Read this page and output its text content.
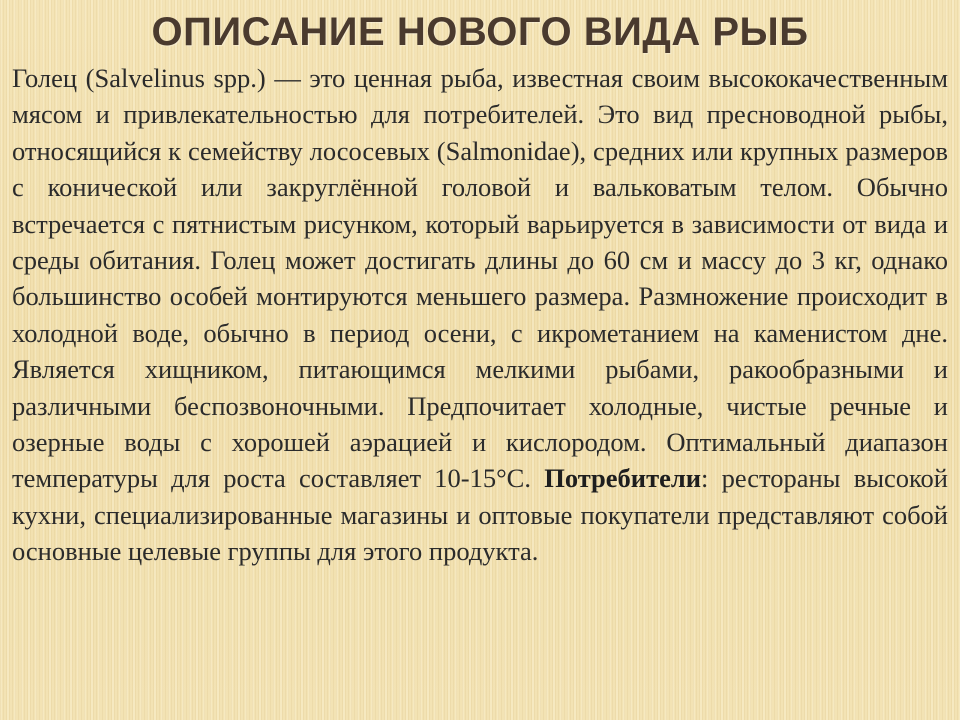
ОПИСАНИЕ НОВОГО ВИДА РЫБ

Голец (Salvelinus spp.) — это ценная рыба, известная своим высококачественным мясом и привлекательностью для потребителей. Это вид пресноводной рыбы, относящийся к семейству лососевых (Salmonidae), средних или крупных размеров с конической или закруглённой головой и вальковатым телом. Обычно встречается с пятнистым рисунком, который варьируется в зависимости от вида и среды обитания. Голец может достигать длины до 60 см и массу до 3 кг, однако большинство особей монтируются меньшего размера. Размножение происходит в холодной воде, обычно в период осени, с икрометанием на каменистом дне. Является хищником, питающимся мелкими рыбами, ракообразными и различными беспозвоночными. Предпочитает холодные, чистые речные и озерные воды с хорошей аэрацией и кислородом. Оптимальный диапазон температуры для роста составляет 10-15°С. Потребители: рестораны высокой кухни, специализированные магазины и оптовые покупатели представляют собой основные целевые группы для этого продукта.
